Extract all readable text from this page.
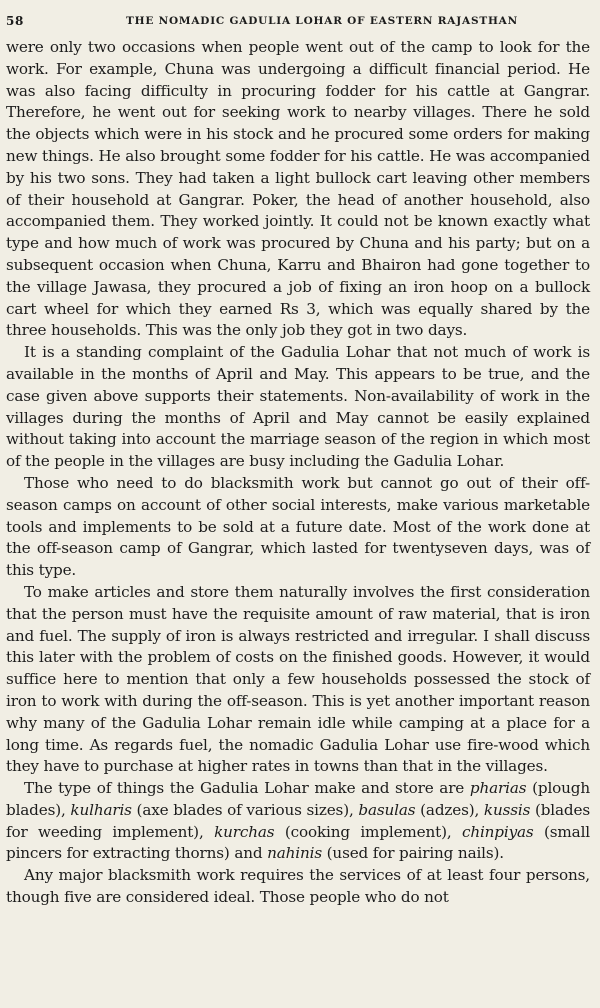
58	THE NOMADIC GADULIA LOHAR OF EASTERN RAJASTHAN

were only two occasions when people went out of the camp to look for the work. For example, Chuna was undergoing a difficult financial period. He was also facing difficulty in procuring fodder for his cattle at Gangrar. Therefore, he went out for seeking work to nearby villages. There he sold the objects which were in his stock and he procured some orders for making new things. He also brought some fodder for his cattle. He was accompanied by his two sons. They had taken a light bullock cart leaving other members of their household at Gangrar. Poker, the head of another household, also accompanied them. They worked jointly. It could not be known exactly what type and how much of work was procured by Chuna and his party; but on a subsequent occasion when Chuna, Karru and Bhairon had gone together to the village Jawasa, they procured a job of fixing an iron hoop on a bullock cart wheel for which they earned Rs 3, which was equally shared by the three households. This was the only job they got in two days.

It is a standing complaint of the Gadulia Lohar that not much of work is available in the months of April and May. This appears to be true, and the case given above supports their statements. Non-availability of work in the villages during the months of April and May cannot be easily explained without taking into account the marriage season of the region in which most of the people in the villages are busy including the Gadulia Lohar.

Those who need to do blacksmith work but cannot go out of their off-season camps on account of other social interests, make various marketable tools and implements to be sold at a future date. Most of the work done at the off-season camp of Gangrar, which lasted for twentyseven days, was of this type.

To make articles and store them naturally involves the first consideration that the person must have the requisite amount of raw material, that is iron and fuel. The supply of iron is always restricted and irregular. I shall discuss this later with the problem of costs on the finished goods. However, it would suffice here to mention that only a few households possessed the stock of iron to work with during the off-season. This is yet another important reason why many of the Gadulia Lohar remain idle while camping at a place for a long time. As regards fuel, the nomadic Gadulia Lohar use fire-wood which they have to purchase at higher rates in towns than that in the villages.

The type of things the Gadulia Lohar make and store are pharias (plough blades), kulharis (axe blades of various sizes), basulas (adzes), kussis (blades for weeding implement), kurchas (cooking implement), chinpiyas (small pincers for extracting thorns) and nahinis (used for pairing nails).

Any major blacksmith work requires the services of at least four persons, though five are considered ideal. Those people who do not
